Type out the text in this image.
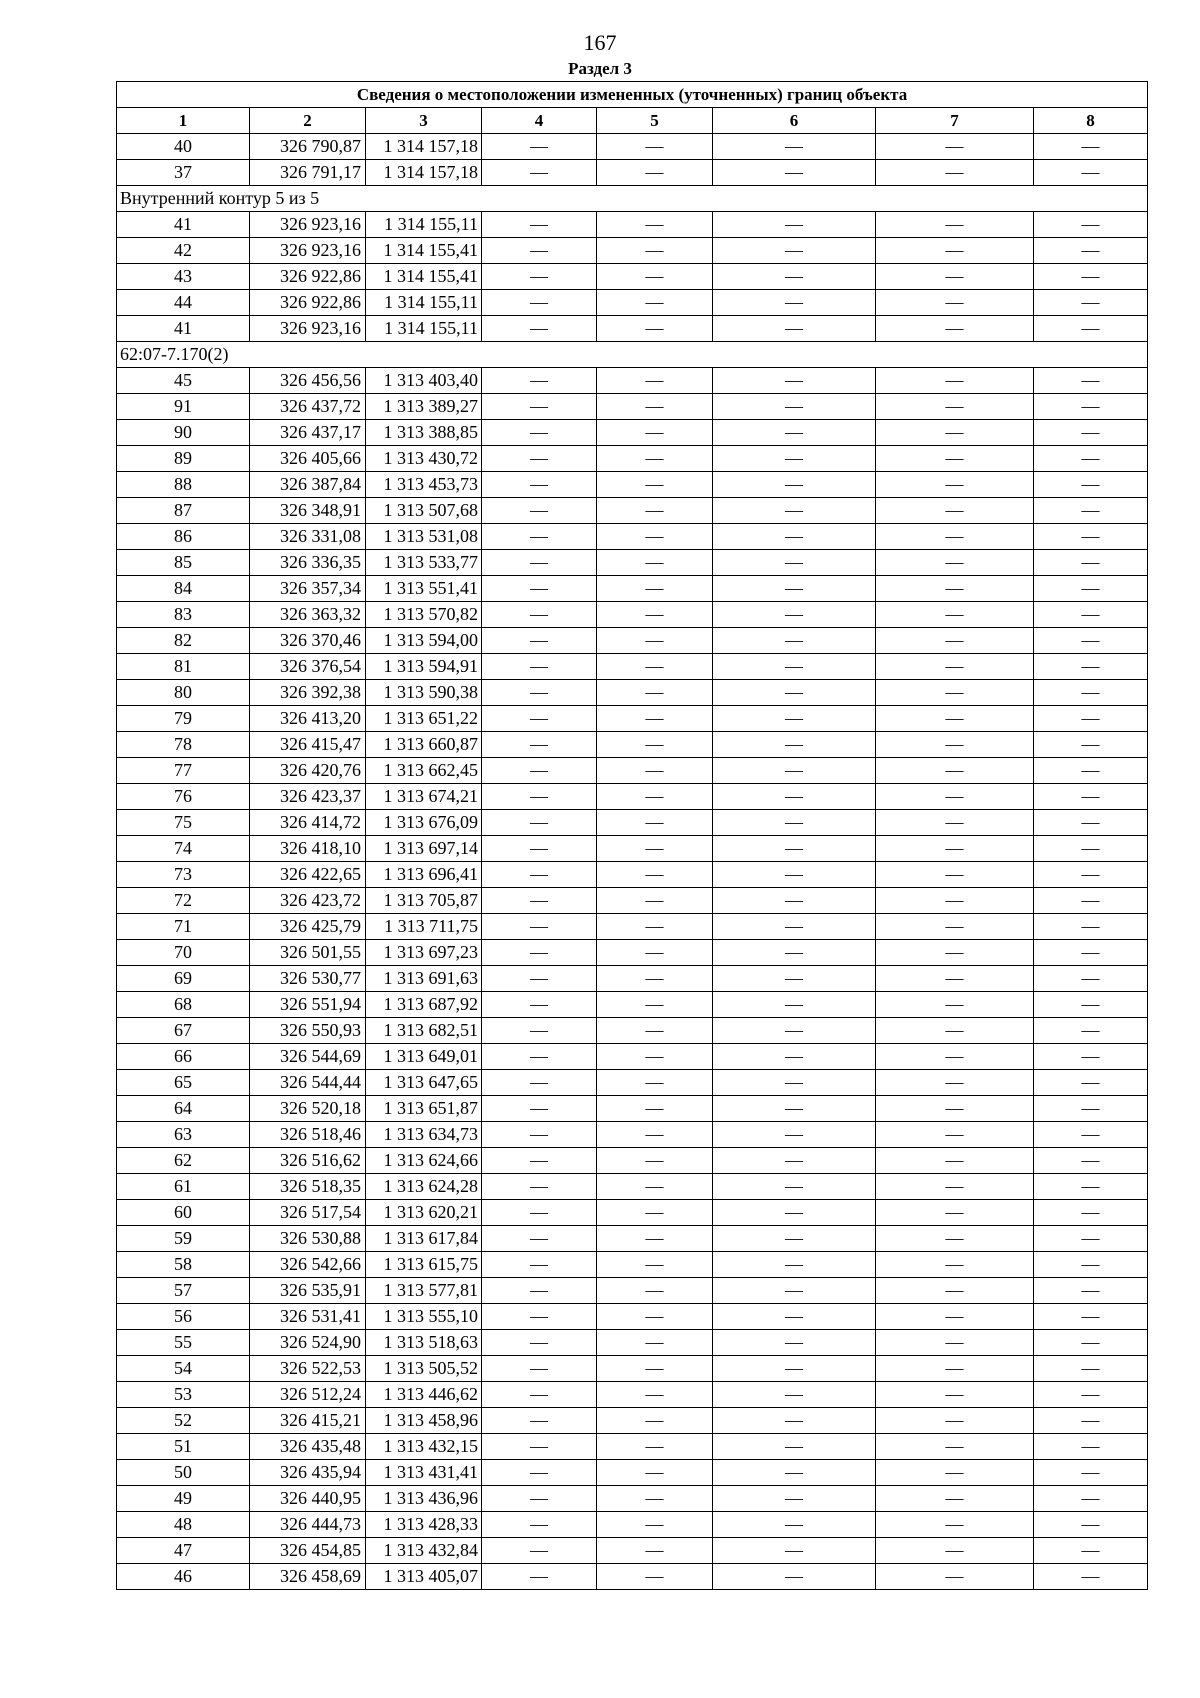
167
Раздел 3
Сведения о местоположении измененных (уточненных) границ объекта							
1	2	3	4	5	6	7	8
40	326 790,87	1 314 157,18	—	—	—	—	—
37	326 791,17	1 314 157,18	—	—	—	—	—
Внутренний контур 5 из 5							
41	326 923,16	1 314 155,11	—	—	—	—	—
42	326 923,16	1 314 155,41	—	—	—	—	—
43	326 922,86	1 314 155,41	—	—	—	—	—
44	326 922,86	1 314 155,11	—	—	—	—	—
41	326 923,16	1 314 155,11	—	—	—	—	—
62:07-7.170(2)							
45	326 456,56	1 313 403,40	—	—	—	—	—
91	326 437,72	1 313 389,27	—	—	—	—	—
90	326 437,17	1 313 388,85	—	—	—	—	—
89	326 405,66	1 313 430,72	—	—	—	—	—
88	326 387,84	1 313 453,73	—	—	—	—	—
87	326 348,91	1 313 507,68	—	—	—	—	—
86	326 331,08	1 313 531,08	—	—	—	—	—
85	326 336,35	1 313 533,77	—	—	—	—	—
84	326 357,34	1 313 551,41	—	—	—	—	—
83	326 363,32	1 313 570,82	—	—	—	—	—
82	326 370,46	1 313 594,00	—	—	—	—	—
81	326 376,54	1 313 594,91	—	—	—	—	—
80	326 392,38	1 313 590,38	—	—	—	—	—
79	326 413,20	1 313 651,22	—	—	—	—	—
78	326 415,47	1 313 660,87	—	—	—	—	—
77	326 420,76	1 313 662,45	—	—	—	—	—
76	326 423,37	1 313 674,21	—	—	—	—	—
75	326 414,72	1 313 676,09	—	—	—	—	—
74	326 418,10	1 313 697,14	—	—	—	—	—
73	326 422,65	1 313 696,41	—	—	—	—	—
72	326 423,72	1 313 705,87	—	—	—	—	—
71	326 425,79	1 313 711,75	—	—	—	—	—
70	326 501,55	1 313 697,23	—	—	—	—	—
69	326 530,77	1 313 691,63	—	—	—	—	—
68	326 551,94	1 313 687,92	—	—	—	—	—
67	326 550,93	1 313 682,51	—	—	—	—	—
66	326 544,69	1 313 649,01	—	—	—	—	—
65	326 544,44	1 313 647,65	—	—	—	—	—
64	326 520,18	1 313 651,87	—	—	—	—	—
63	326 518,46	1 313 634,73	—	—	—	—	—
62	326 516,62	1 313 624,66	—	—	—	—	—
61	326 518,35	1 313 624,28	—	—	—	—	—
60	326 517,54	1 313 620,21	—	—	—	—	—
59	326 530,88	1 313 617,84	—	—	—	—	—
58	326 542,66	1 313 615,75	—	—	—	—	—
57	326 535,91	1 313 577,81	—	—	—	—	—
56	326 531,41	1 313 555,10	—	—	—	—	—
55	326 524,90	1 313 518,63	—	—	—	—	—
54	326 522,53	1 313 505,52	—	—	—	—	—
53	326 512,24	1 313 446,62	—	—	—	—	—
52	326 415,21	1 313 458,96	—	—	—	—	—
51	326 435,48	1 313 432,15	—	—	—	—	—
50	326 435,94	1 313 431,41	—	—	—	—	—
49	326 440,95	1 313 436,96	—	—	—	—	—
48	326 444,73	1 313 428,33	—	—	—	—	—
47	326 454,85	1 313 432,84	—	—	—	—	—
46	326 458,69	1 313 405,07	—	—	—	—	—
